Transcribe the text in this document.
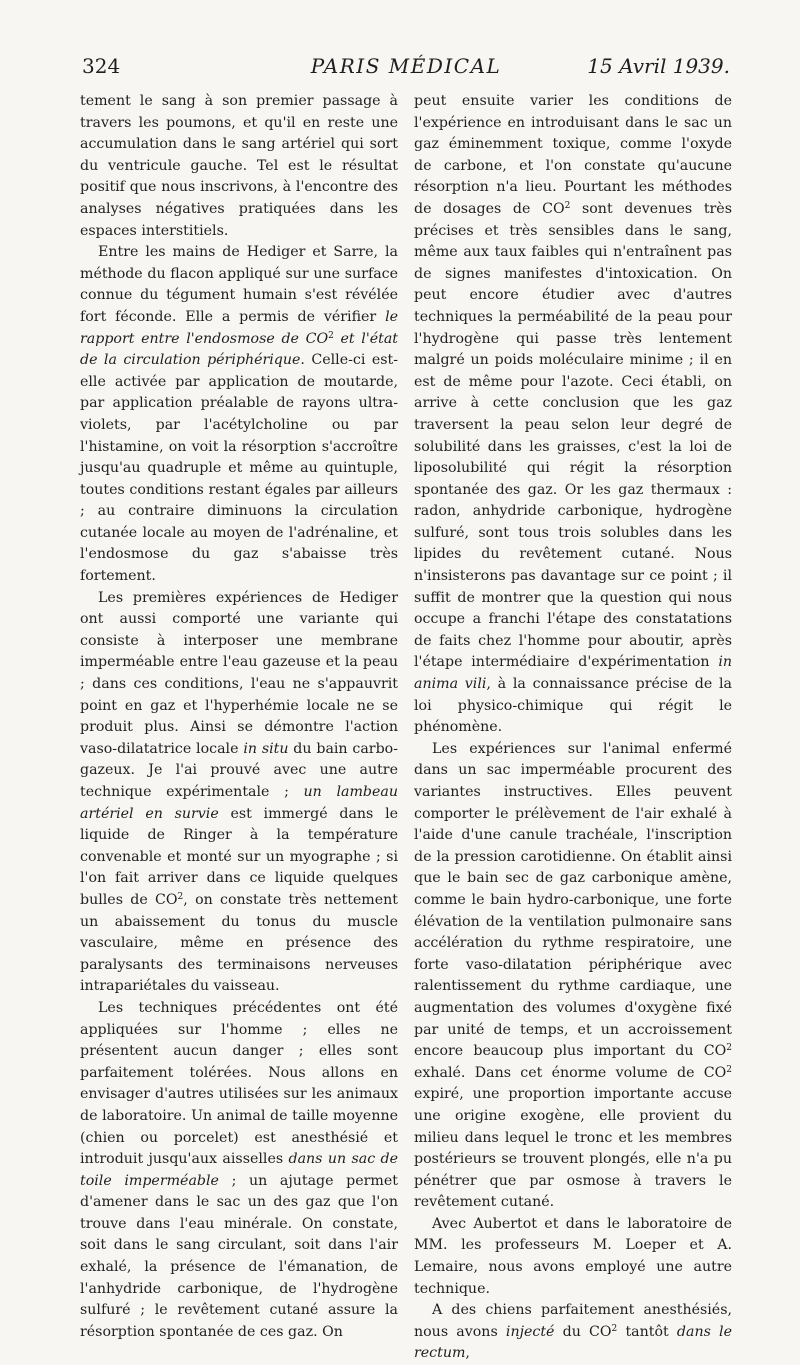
324	PARIS MÉDICAL	15 Avril 1939.

tement le sang à son premier passage à travers les poumons, et qu'il en reste une accumulation dans le sang artériel qui sort du ventricule gauche. Tel est le résultat positif que nous inscrivons, à l'encontre des analyses négatives pratiquées dans les espaces interstitiels.

Entre les mains de Hediger et Sarre, la méthode du flacon appliqué sur une surface connue du tégument humain s'est révélée fort féconde. Elle a permis de vérifier le rapport entre l'endosmose de $CO^2$ et l'état de la circulation périphérique. Celle-ci est-elle activée par application de moutarde, par application préalable de rayons ultra-violets, par l'acétylcholine ou par l'histamine, on voit la résorption s'accroître jusqu'au quadruple et même au quintuple, toutes conditions restant égales par ailleurs ; au contraire diminuons la circulation cutanée locale au moyen de l'adrénaline, et l'endosmose du gaz s'abaisse très fortement.

Les premières expériences de Hediger ont aussi comporté une variante qui consiste à interposer une membrane imperméable entre l'eau gazeuse et la peau ; dans ces conditions, l'eau ne s'appauvrit point en gaz et l'hyperhémie locale ne se produit plus. Ainsi se démontre l'action vaso-dilatatrice locale in situ du bain carbo-gazeux. Je l'ai prouvé avec une autre technique expérimentale ; un lambeau artériel en survie est immergé dans le liquide de Ringer à la température convenable et monté sur un myographe ; si l'on fait arriver dans ce liquide quelques bulles de $CO^2$, on constate très nettement un abaissement du tonus du muscle vasculaire, même en présence des paralysants des terminaisons nerveuses intrapariétales du vaisseau.

Les techniques précédentes ont été appliquées sur l'homme ; elles ne présentent aucun danger ; elles sont parfaitement tolérées. Nous allons en envisager d'autres utilisées sur les animaux de laboratoire. Un animal de taille moyenne (chien ou porcelet) est anesthésié et introduit jusqu'aux aisselles dans un sac de toile imperméable ; un ajutage permet d'amener dans le sac un des gaz que l'on trouve dans l'eau minérale. On constate, soit dans le sang circulant, soit dans l'air exhalé, la présence de l'émanation, de l'anhydride carbonique, de l'hydrogène sulfuré ; le revêtement cutané assure la résorption spontanée de ces gaz. On

peut ensuite varier les conditions de l'expérience en introduisant dans le sac un gaz éminemment toxique, comme l'oxyde de carbone, et l'on constate qu'aucune résorption n'a lieu. Pourtant les méthodes de dosages de $CO^2$ sont devenues très précises et très sensibles dans le sang, même aux taux faibles qui n'entraînent pas de signes manifestes d'intoxication. On peut encore étudier avec d'autres techniques la perméabilité de la peau pour l'hydrogène qui passe très lentement malgré un poids moléculaire minime ; il en est de même pour l'azote. Ceci établi, on arrive à cette conclusion que les gaz traversent la peau selon leur degré de solubilité dans les graisses, c'est la loi de liposolubilité qui régit la résorption spontanée des gaz. Or les gaz thermaux : radon, anhydride carbonique, hydrogène sulfuré, sont tous trois solubles dans les lipides du revêtement cutané. Nous n'insisterons pas davantage sur ce point ; il suffit de montrer que la question qui nous occupe a franchi l'étape des constatations de faits chez l'homme pour aboutir, après l'étape intermédiaire d'expérimentation in anima vili, à la connaissance précise de la loi physico-chimique qui régit le phénomène.

Les expériences sur l'animal enfermé dans un sac imperméable procurent des variantes instructives. Elles peuvent comporter le prélèvement de l'air exhalé à l'aide d'une canule trachéale, l'inscription de la pression carotidienne. On établit ainsi que le bain sec de gaz carbonique amène, comme le bain hydro-carbonique, une forte élévation de la ventilation pulmonaire sans accélération du rythme respiratoire, une forte vaso-dilatation périphérique avec ralentissement du rythme cardiaque, une augmentation des volumes d'oxygène fixé par unité de temps, et un accroissement encore beaucoup plus important du $CO^2$ exhalé. Dans cet énorme volume de $CO^2$ expiré, une proportion importante accuse une origine exogène, elle provient du milieu dans lequel le tronc et les membres postérieurs se trouvent plongés, elle n'a pu pénétrer que par osmose à travers le revêtement cutané.

Avec Aubertot et dans le laboratoire de MM. les professeurs M. Loeper et A. Lemaire, nous avons employé une autre technique.

A des chiens parfaitement anesthésiés, nous avons injecté du $CO^2$ tantôt dans le rectum,
